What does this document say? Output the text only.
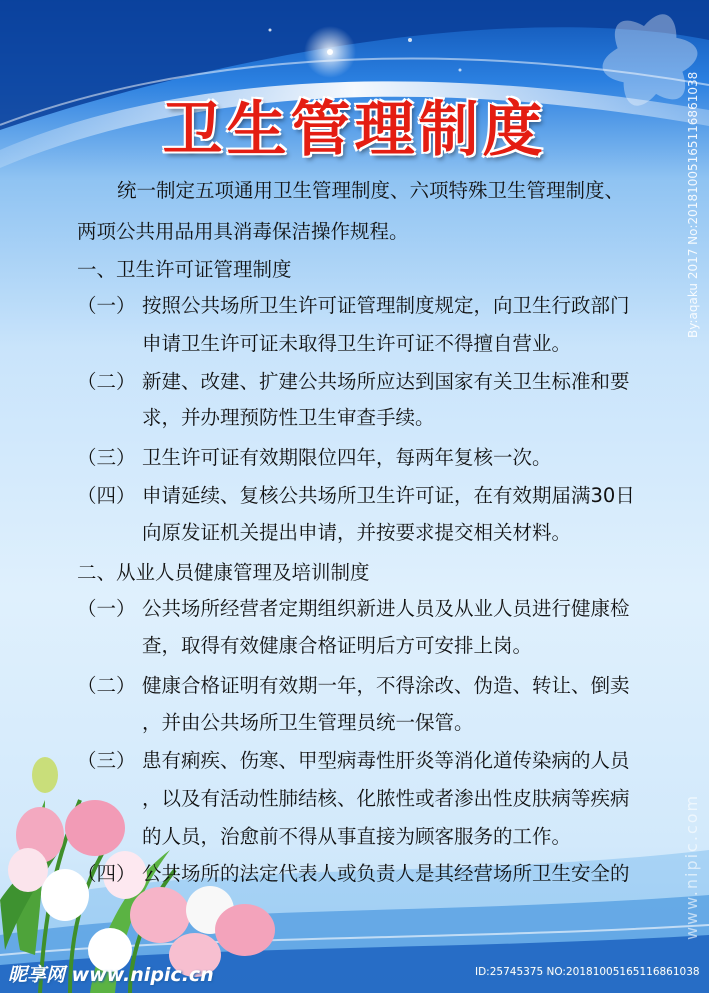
卫生管理制度
统一制定五项通用卫生管理制度、六项特殊卫生管理制度、
两项公共用品用具消毒保洁操作规程。
一、卫生许可证管理制度
（一） 按照公共场所卫生许可证管理制度规定，向卫生行政部门
申请卫生许可证未取得卫生许可证不得擅自营业。
（二） 新建、改建、扩建公共场所应达到国家有关卫生标准和要
求，并办理预防性卫生审查手续。
（三） 卫生许可证有效期限位四年，每两年复核一次。
（四） 申请延续、复核公共场所卫生许可证，在有效期届满30日
向原发证机关提出申请，并按要求提交相关材料。
二、从业人员健康管理及培训制度
（一） 公共场所经营者定期组织新进人员及从业人员进行健康检
查，取得有效健康合格证明后方可安排上岗。
（二） 健康合格证明有效期一年，不得涂改、伪造、转让、倒卖
，并由公共场所卫生管理员统一保管。
（三） 患有痢疾、伤寒、甲型病毒性肝炎等消化道传染病的人员
，以及有活动性肺结核、化脓性或者渗出性皮肤病等疾病
的人员，治愈前不得从事直接为顾客服务的工作。
（四） 公共场所的法定代表人或负责人是其经营场所卫生安全的
By:aqaku 2017 No:20181005165116861038
www.nipic.com
昵享网 www.nipic.cn	ID:25745375 NO:20181005165116861038
